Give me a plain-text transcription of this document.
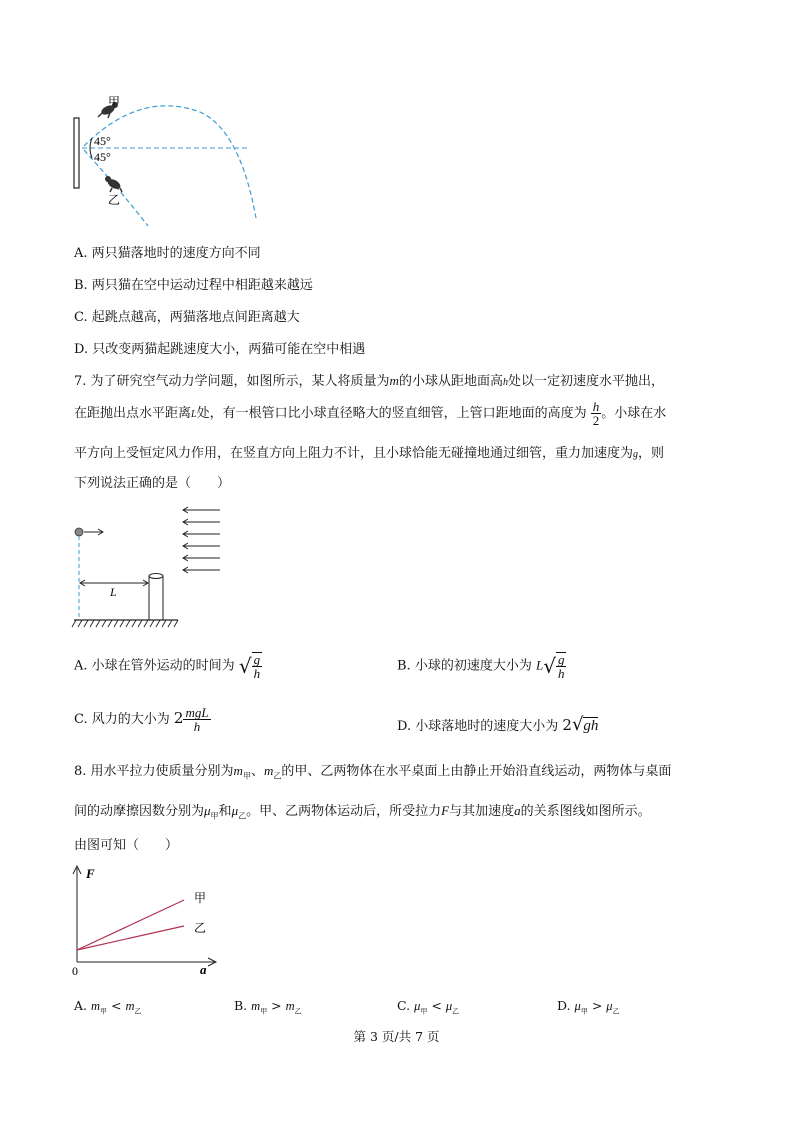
甲
乙
45°
45°
A. 两只猫落地时的速度方向不同
B. 两只猫在空中运动过程中相距越来越远
C. 起跳点越高，两猫落地点间距离越大
D. 只改变两猫起跳速度大小，两猫可能在空中相遇
7. 为了研究空气动力学问题，如图所示，某人将质量为m的小球从距地面高h处以一定初速度水平抛出，
在距抛出点水平距离L处，有一根管口比小球直径略大的竖直细管，上管口距地面的高度为 $\frac{h}{2}$ 。小球在水
平方向上受恒定风力作用，在竖直方向上阻力不计，且小球恰能无碰撞地通过细管，重力加速度为g，则
下列说法正确的是（　　）
L
A. 小球在管外运动的时间为 √ $\frac{g}{h}$	B. 小球的初速度大小为 $L√ \frac{g}{h}$
C. 风力的大小为 $2 \frac{\text{mgL}}{h}$	D. 小球落地时的速度大小为 2√gh
8. 用水平拉力使质量分别为$m_甲$、$m_乙$的甲、乙两物体在水平桌面上由静止开始沿直线运动，两物体与桌面
间的动摩擦因数分别为$\mu_甲$和$\mu_乙$。甲、乙两物体运动后，所受拉力F与其加速度a的关系图线如图所示。
由图可知（　　）
F
a
0
甲
乙
A. $m_甲 < m_乙$	B. $m_甲 > m_乙$	C. $\mu_甲 < \mu_乙$	D. $\mu_甲 > \mu_乙$
第 3 页/共 7 页
